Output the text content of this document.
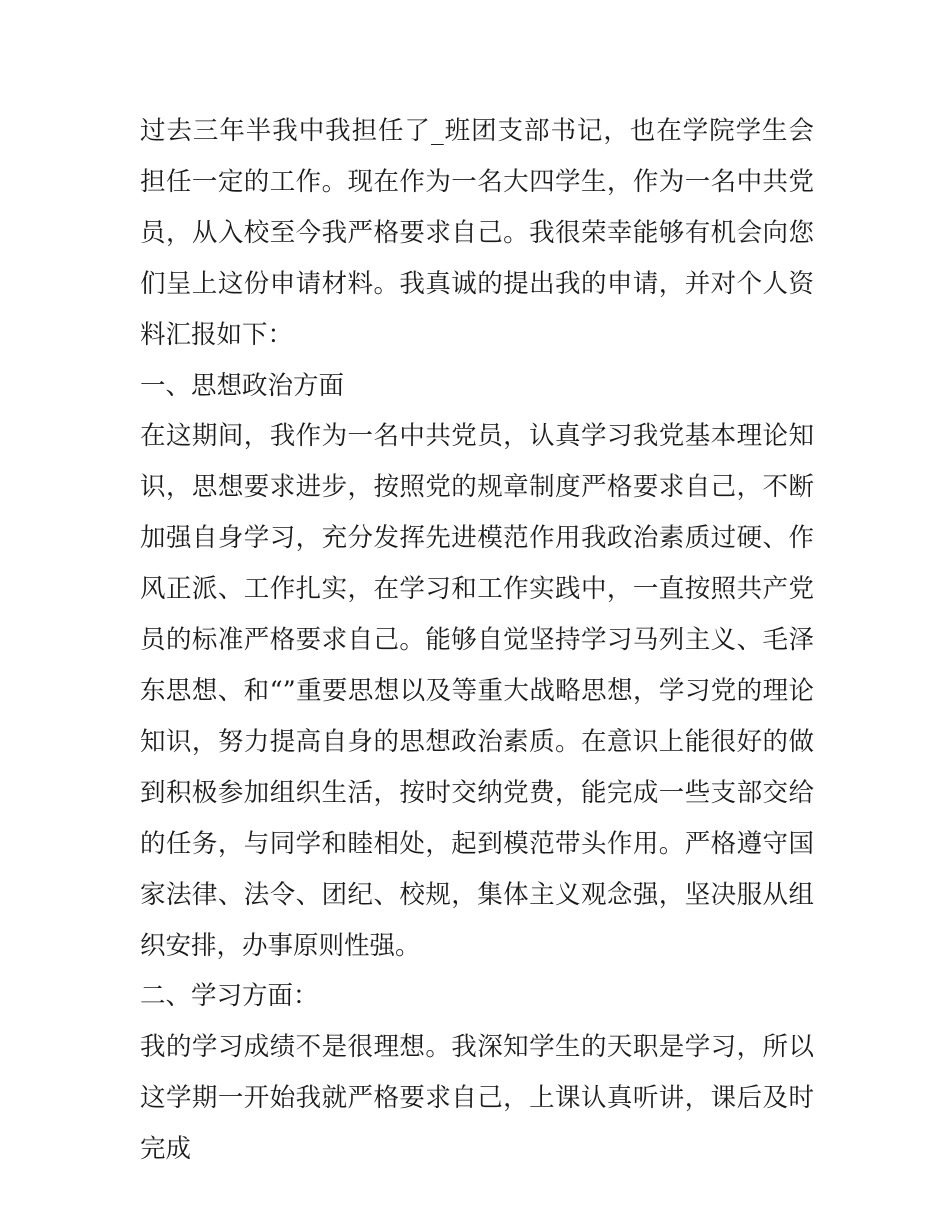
过去三年半我中我担任了_班团支部书记，也在学院学生会担任一定的工作。现在作为一名大四学生，作为一名中共党员，从入校至今我严格要求自己。我很荣幸能够有机会向您们呈上这份申请材料。我真诚的提出我的申请，并对个人资料汇报如下：

一、思想政治方面

在这期间，我作为一名中共党员，认真学习我党基本理论知识，思想要求进步，按照党的规章制度严格要求自己，不断加强自身学习，充分发挥先进模范作用我政治素质过硬、作风正派、工作扎实，在学习和工作实践中，一直按照共产党员的标准严格要求自己。能够自觉坚持学习马列主义、毛泽东思想、和“”重要思想以及等重大战略思想，学习党的理论知识，努力提高自身的思想政治素质。在意识上能很好的做到积极参加组织生活，按时交纳党费，能完成一些支部交给的任务，与同学和睦相处，起到模范带头作用。严格遵守国家法律、法令、团纪、校规，集体主义观念强，坚决服从组织安排，办事原则性强。

二、学习方面：

我的学习成绩不是很理想。我深知学生的天职是学习，所以这学期一开始我就严格要求自己，上课认真听讲，课后及时完成
